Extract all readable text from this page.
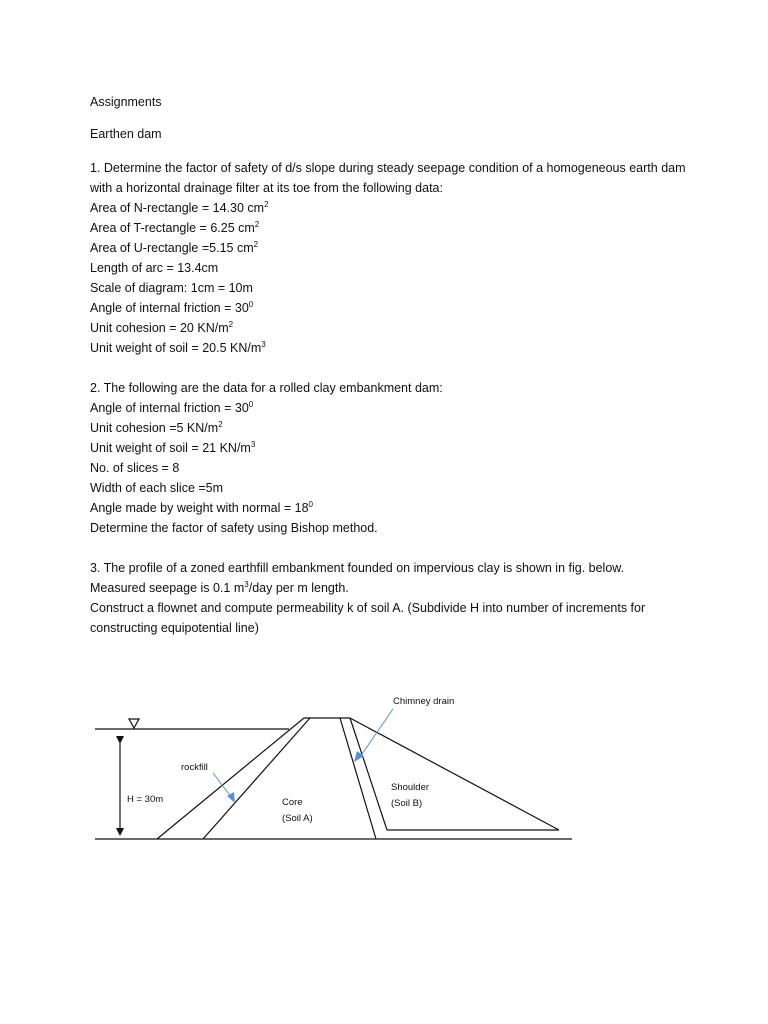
Assignments
Earthen dam
1. Determine the factor of safety of d/s slope during steady seepage condition of a homogeneous earth dam with a horizontal drainage filter at its toe from the following data:
Area of N-rectangle = 14.30 $cm^2$
Area of T-rectangle = 6.25 $cm^2$
Area of U-rectangle =5.15 $cm^2$
Length of arc = 13.4cm
Scale of diagram: 1cm = 10m
Angle of internal friction = $30^0$
Unit cohesion = 20 $KN/m^2$
Unit weight of soil = 20.5 $KN/m^3$
2. The following are the data for a rolled clay embankment dam:
Angle of internal friction = $30^0$
Unit cohesion =5 $KN/m^2$
Unit weight of soil = 21 $KN/m^3$
No. of slices = 8
Width of each slice =5m
Angle made by weight with normal = $18^0$
Determine the factor of safety using Bishop method.
3. The profile of a zoned earthfill embankment founded on impervious clay is shown in fig. below.
Measured seepage is 0.1 $m^3$/day per m length.
Construct a flownet and compute permeability k of soil A. (Subdivide H into number of increments for
constructing equipotential line)
Chimney drain
rockfill
H = 30m	Core
(Soil A)
Shoulder
(Soil B)
